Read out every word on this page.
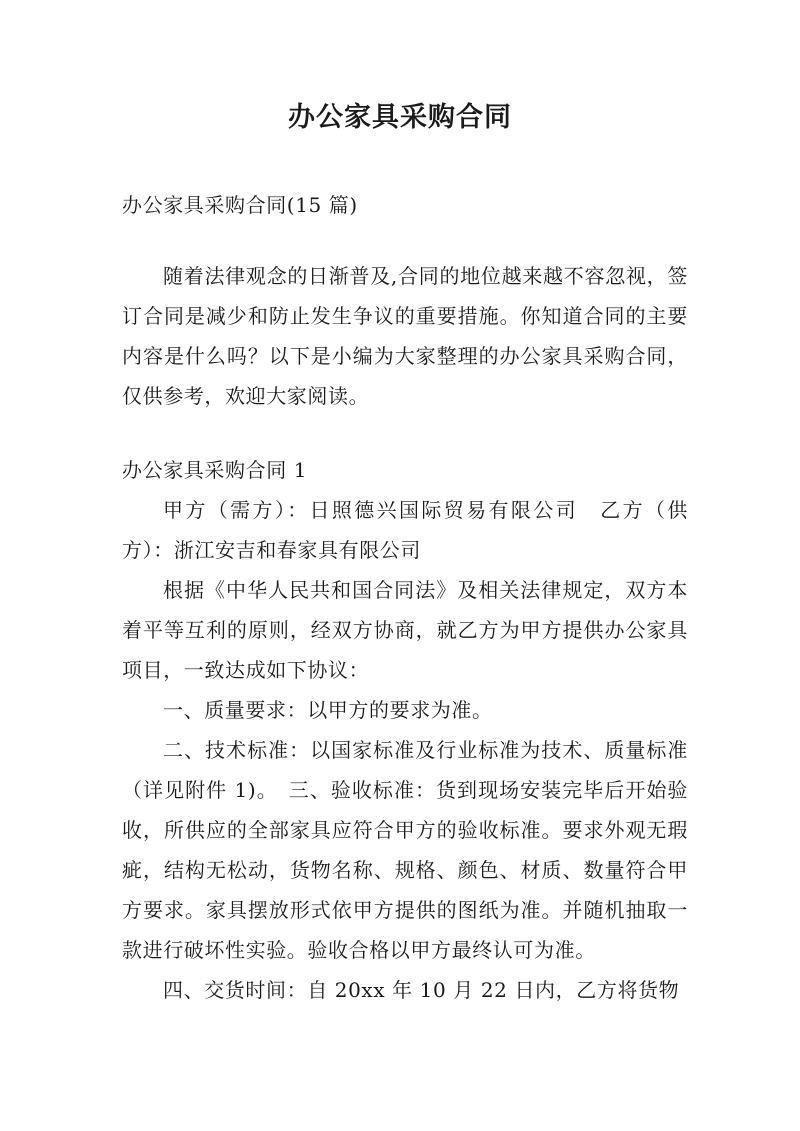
办公家具采购合同

办公家具采购合同(15 篇)

随着法律观念的日渐普及,合同的地位越来越不容忽视，签订合同是减少和防止发生争议的重要措施。你知道合同的主要内容是什么吗？以下是小编为大家整理的办公家具采购合同，仅供参考，欢迎大家阅读。

办公家具采购合同 1

甲方（需方）：日照德兴国际贸易有限公司　乙方（供方）：浙江安吉和春家具有限公司

根据《中华人民共和国合同法》及相关法律规定，双方本着平等互利的原则，经双方协商，就乙方为甲方提供办公家具项目，一致达成如下协议：

一、质量要求：以甲方的要求为准。

二、技术标准：以国家标准及行业标准为技术、质量标准（详见附件 1)。　三、验收标准：货到现场安装完毕后开始验收，所供应的全部家具应符合甲方的验收标准。要求外观无瑕疵，结构无松动，货物名称、规格、颜色、材质、数量符合甲方要求。家具摆放形式依甲方提供的图纸为准。并随机抽取一款进行破坏性实验。验收合格以甲方最终认可为准。

四、交货时间：自 20xx 年 10 月 22 日内，乙方将货物
